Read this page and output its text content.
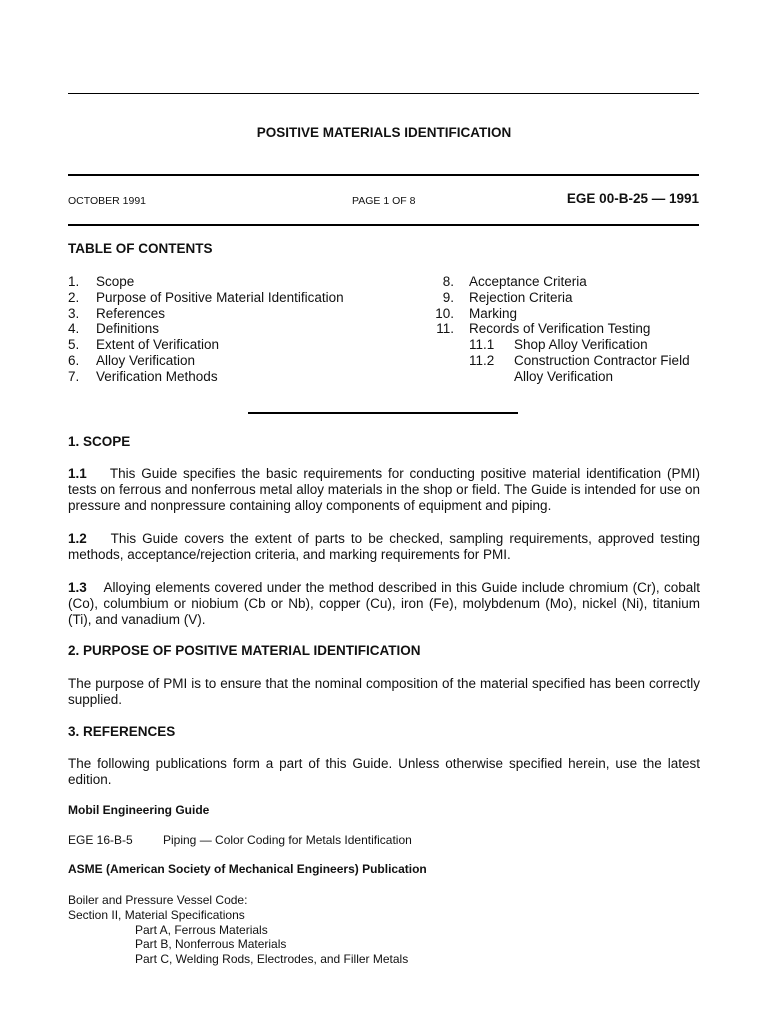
POSITIVE MATERIALS IDENTIFICATION
OCTOBER 1991	PAGE 1 OF 8	EGE 00-B-25 — 1991
TABLE OF CONTENTS
1. Scope
2. Purpose of Positive Material Identification
3. References
4. Definitions
5. Extent of Verification
6. Alloy Verification
7. Verification Methods
8. Acceptance Criteria
9. Rejection Criteria
10. Marking
11. Records of Verification Testing
11.1 Shop Alloy Verification
11.2 Construction Contractor Field
Alloy Verification
1. SCOPE
1.1 This Guide specifies the basic requirements for conducting positive material identification (PMI) tests on ferrous and nonferrous metal alloy materials in the shop or field. The Guide is intended for use on pressure and nonpressure containing alloy components of equipment and piping.
1.2 This Guide covers the extent of parts to be checked, sampling requirements, approved testing methods, acceptance/rejection criteria, and marking requirements for PMI.
1.3 Alloying elements covered under the method described in this Guide include chromium (Cr), cobalt (Co), columbium or niobium (Cb or Nb), copper (Cu), iron (Fe), molybdenum (Mo), nickel (Ni), titanium (Ti), and vanadium (V).
2. PURPOSE OF POSITIVE MATERIAL IDENTIFICATION
The purpose of PMI is to ensure that the nominal composition of the material specified has been correctly supplied.
3. REFERENCES
The following publications form a part of this Guide. Unless otherwise specified herein, use the latest edition.
Mobil Engineering Guide
EGE 16-B-5	Piping — Color Coding for Metals Identification
ASME (American Society of Mechanical Engineers) Publication
Boiler and Pressure Vessel Code:
Section II, Material Specifications
Part A, Ferrous Materials
Part B, Nonferrous Materials
Part C, Welding Rods, Electrodes, and Filler Metals
